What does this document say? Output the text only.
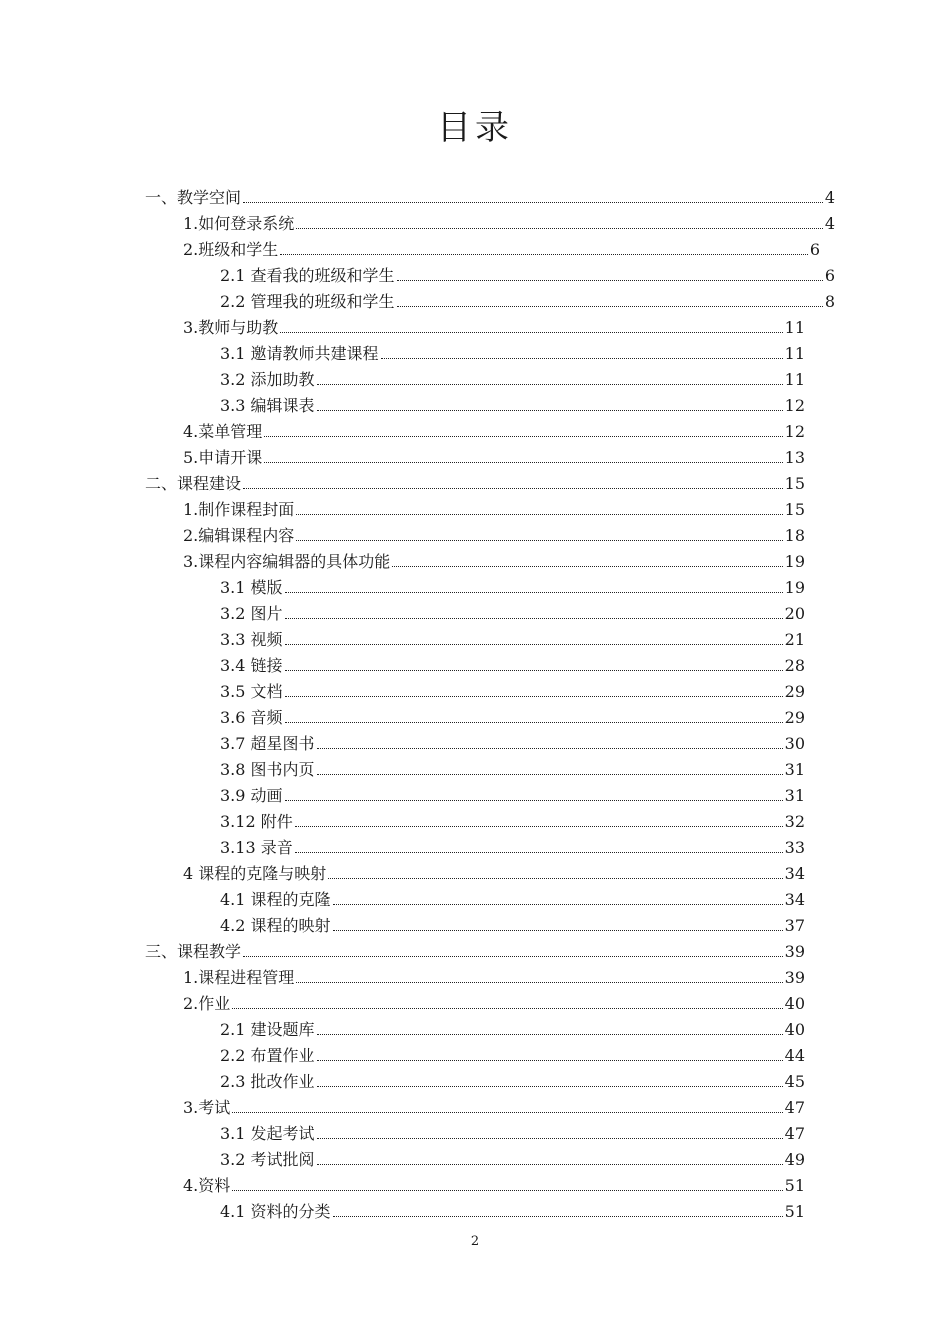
目录
一、教学空间	4
1.如何登录系统	4
2.班级和学生	6
2.1 查看我的班级和学生	6
2.2 管理我的班级和学生	8
3.教师与助教	11
3.1 邀请教师共建课程	11
3.2 添加助教	11
3.3 编辑课表	12
4.菜单管理	12
5.申请开课	13
二、课程建设	15
1.制作课程封面	15
2.编辑课程内容	18
3.课程内容编辑器的具体功能	19
3.1 模版	19
3.2 图片	20
3.3 视频	21
3.4 链接	28
3.5 文档	29
3.6 音频	29
3.7 超星图书	30
3.8 图书内页	31
3.9 动画	31
3.12 附件	32
3.13 录音	33
4 课程的克隆与映射	34
4.1 课程的克隆	34
4.2 课程的映射	37
三、课程教学	39
1.课程进程管理	39
2.作业	40
2.1 建设题库	40
2.2 布置作业	44
2.3 批改作业	45
3.考试	47
3.1 发起考试	47
3.2 考试批阅	49
4.资料	51
4.1 资料的分类	51
2
